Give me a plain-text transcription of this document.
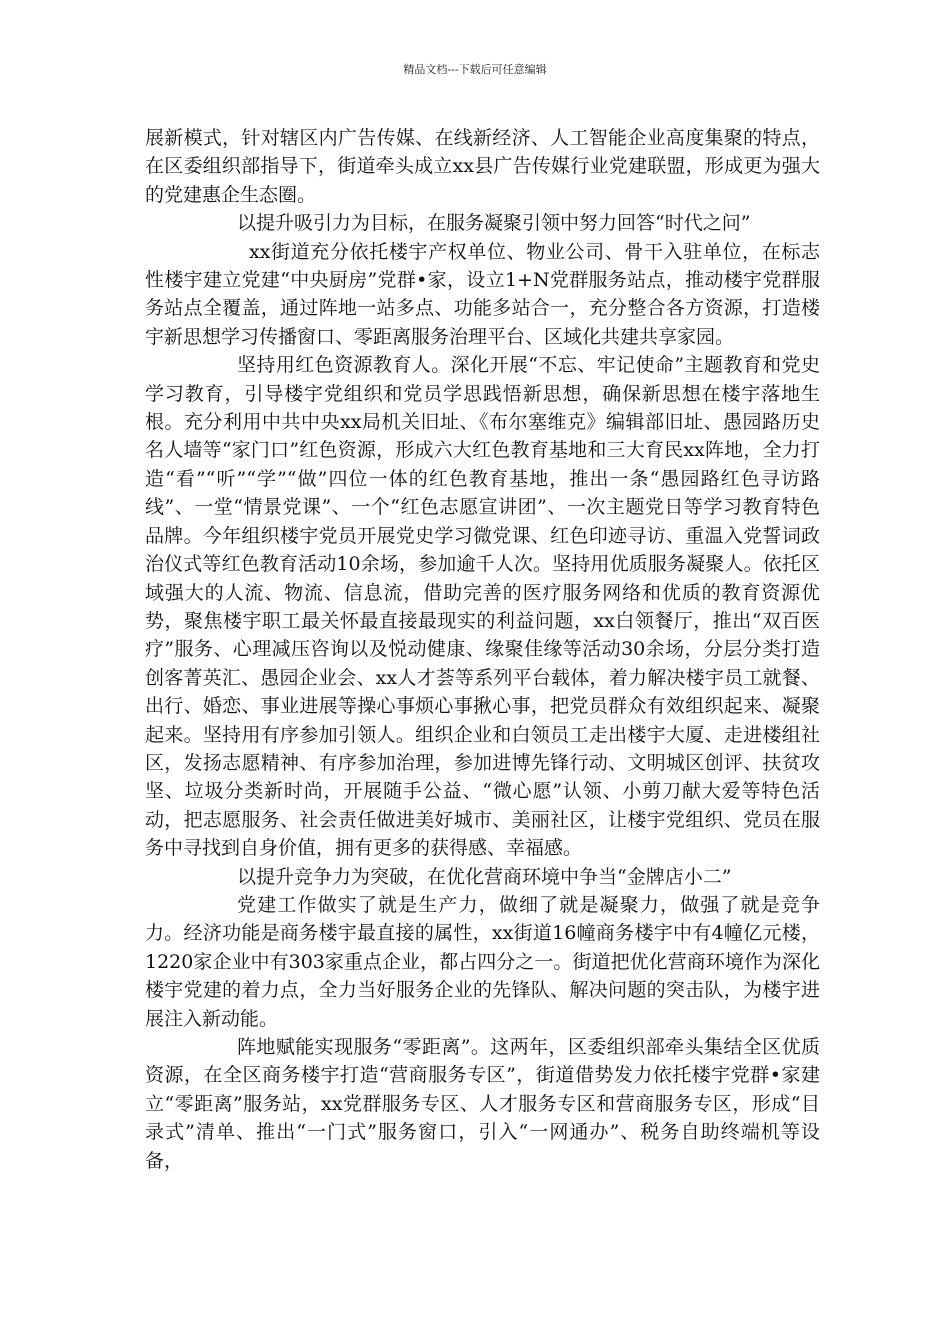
精品文档---下载后可任意编辑

展新模式，针对辖区内广告传媒、在线新经济、人工智能企业高度集聚的特点，在区委组织部指导下，街道牵头成立xx县广告传媒行业党建联盟，形成更为强大的党建惠企生态圈。

以提升吸引力为目标，在服务凝聚引领中努力回答“时代之问”

xx街道充分依托楼宇产权单位、物业公司、骨干入驻单位，在标志性楼宇建立党建“中央厨房”党群•家，设立1+N党群服务站点，推动楼宇党群服务站点全覆盖，通过阵地一站多点、功能多站合一，充分整合各方资源，打造楼宇新思想学习传播窗口、零距离服务治理平台、区域化共建共享家园。

坚持用红色资源教育人。深化开展“不忘、牢记使命”主题教育和党史学习教育，引导楼宇党组织和党员学思践悟新思想，确保新思想在楼宇落地生根。充分利用中共中央xx局机关旧址、《布尔塞维克》编辑部旧址、愚园路历史名人墙等“家门口”红色资源，形成六大红色教育基地和三大育民xx阵地，全力打造“看”“听”“学”“做”四位一体的红色教育基地，推出一条“愚园路红色寻访路线”、一堂“情景党课”、一个“红色志愿宣讲团”、一次主题党日等学习教育特色品牌。今年组织楼宇党员开展党史学习微党课、红色印迹寻访、重温入党誓词政治仪式等红色教育活动10余场，参加逾千人次。坚持用优质服务凝聚人。依托区域强大的人流、物流、信息流，借助完善的医疗服务网络和优质的教育资源优势，聚焦楼宇职工最关怀最直接最现实的利益问题，xx白领餐厅，推出“双百医疗”服务、心理减压咨询以及悦动健康、缘聚佳缘等活动30余场，分层分类打造创客菁英汇、愚园企业会、xx人才荟等系列平台载体，着力解决楼宇员工就餐、出行、婚恋、事业进展等操心事烦心事揪心事，把党员群众有效组织起来、凝聚起来。坚持用有序参加引领人。组织企业和白领员工走出楼宇大厦、走进楼组社区，发扬志愿精神、有序参加治理，参加进博先锋行动、文明城区创评、扶贫攻坚、垃圾分类新时尚，开展随手公益、“微心愿”认领、小剪刀献大爱等特色活动，把志愿服务、社会责任做进美好城市、美丽社区，让楼宇党组织、党员在服务中寻找到自身价值，拥有更多的获得感、幸福感。

以提升竞争力为突破，在优化营商环境中争当“金牌店小二”

党建工作做实了就是生产力，做细了就是凝聚力，做强了就是竞争力。经济功能是商务楼宇最直接的属性，xx街道16幢商务楼宇中有4幢亿元楼，1220家企业中有303家重点企业，都占四分之一。街道把优化营商环境作为深化楼宇党建的着力点，全力当好服务企业的先锋队、解决问题的突击队，为楼宇进展注入新动能。

阵地赋能实现服务“零距离”。这两年，区委组织部牵头集结全区优质资源，在全区商务楼宇打造“营商服务专区”，街道借势发力依托楼宇党群•家建立“零距离”服务站，xx党群服务专区、人才服务专区和营商服务专区，形成“目录式”清单、推出“一门式”服务窗口，引入“一网通办”、税务自助终端机等设备，
